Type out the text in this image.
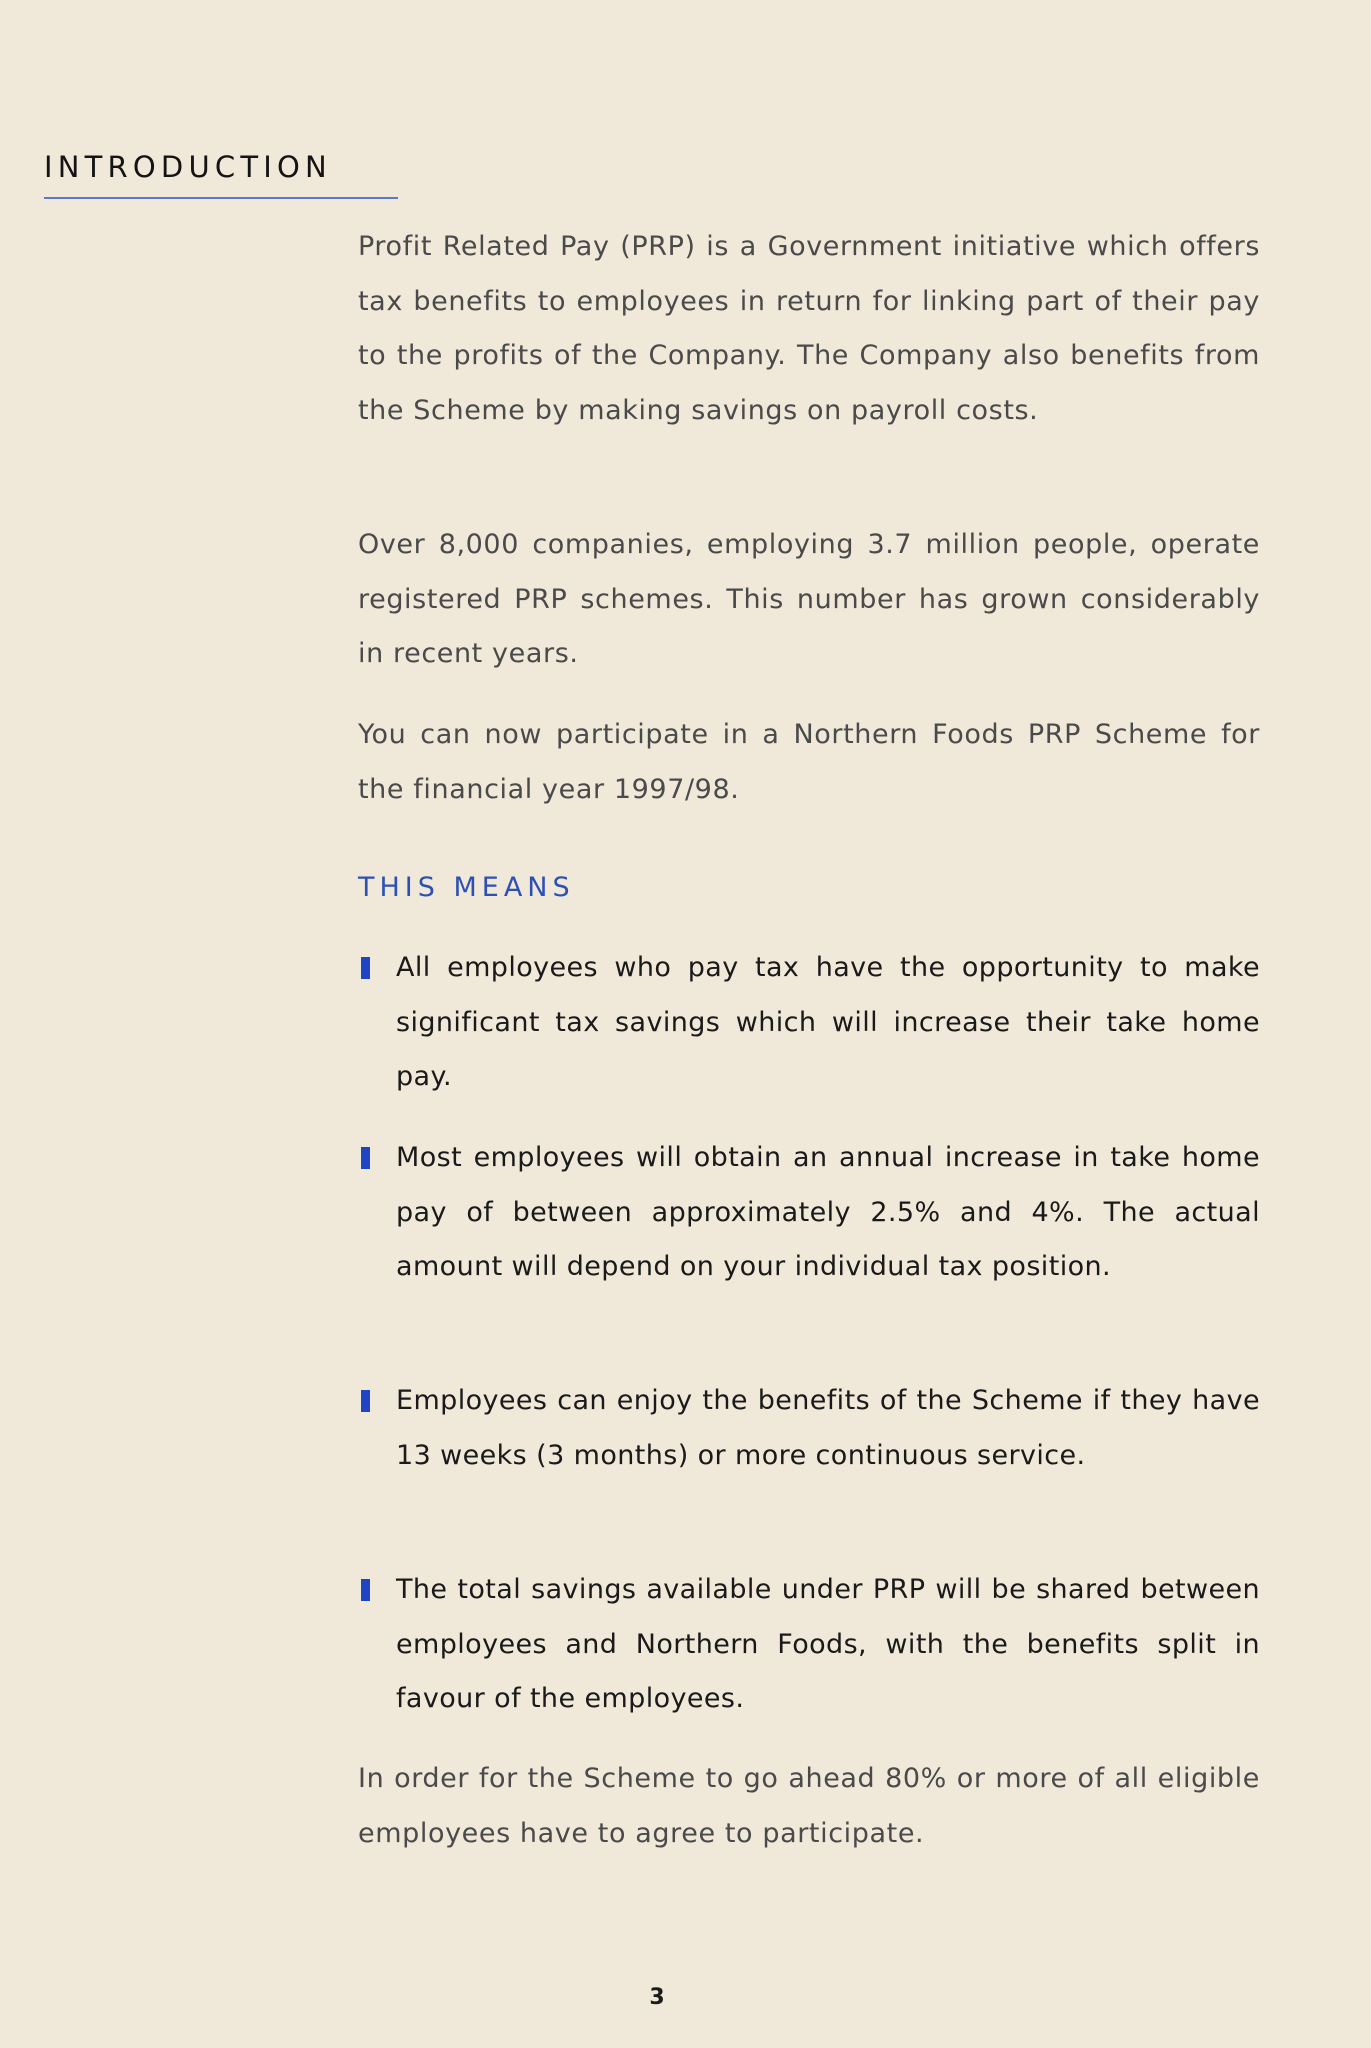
INTRODUCTION

Profit Related Pay (PRP) is a Government initiative which offers tax benefits to employees in return for linking part of their pay to the profits of the Company. The Company also benefits from the Scheme by making savings on payroll costs.

Over 8,000 companies, employing 3.7 million people, operate registered PRP schemes. This number has grown considerably in recent years.

You can now participate in a Northern Foods PRP Scheme for the financial year 1997/98.

THIS MEANS
All employees who pay tax have the opportunity to make significant tax savings which will increase their take home pay.
Most employees will obtain an annual increase in take home pay of between approximately 2.5% and 4%. The actual amount will depend on your individual tax position.
Employees can enjoy the benefits of the Scheme if they have 13 weeks (3 months) or more continuous service.
The total savings available under PRP will be shared between employees and Northern Foods, with the benefits split in favour of the employees.

In order for the Scheme to go ahead 80% or more of all eligible employees have to agree to participate.

3
